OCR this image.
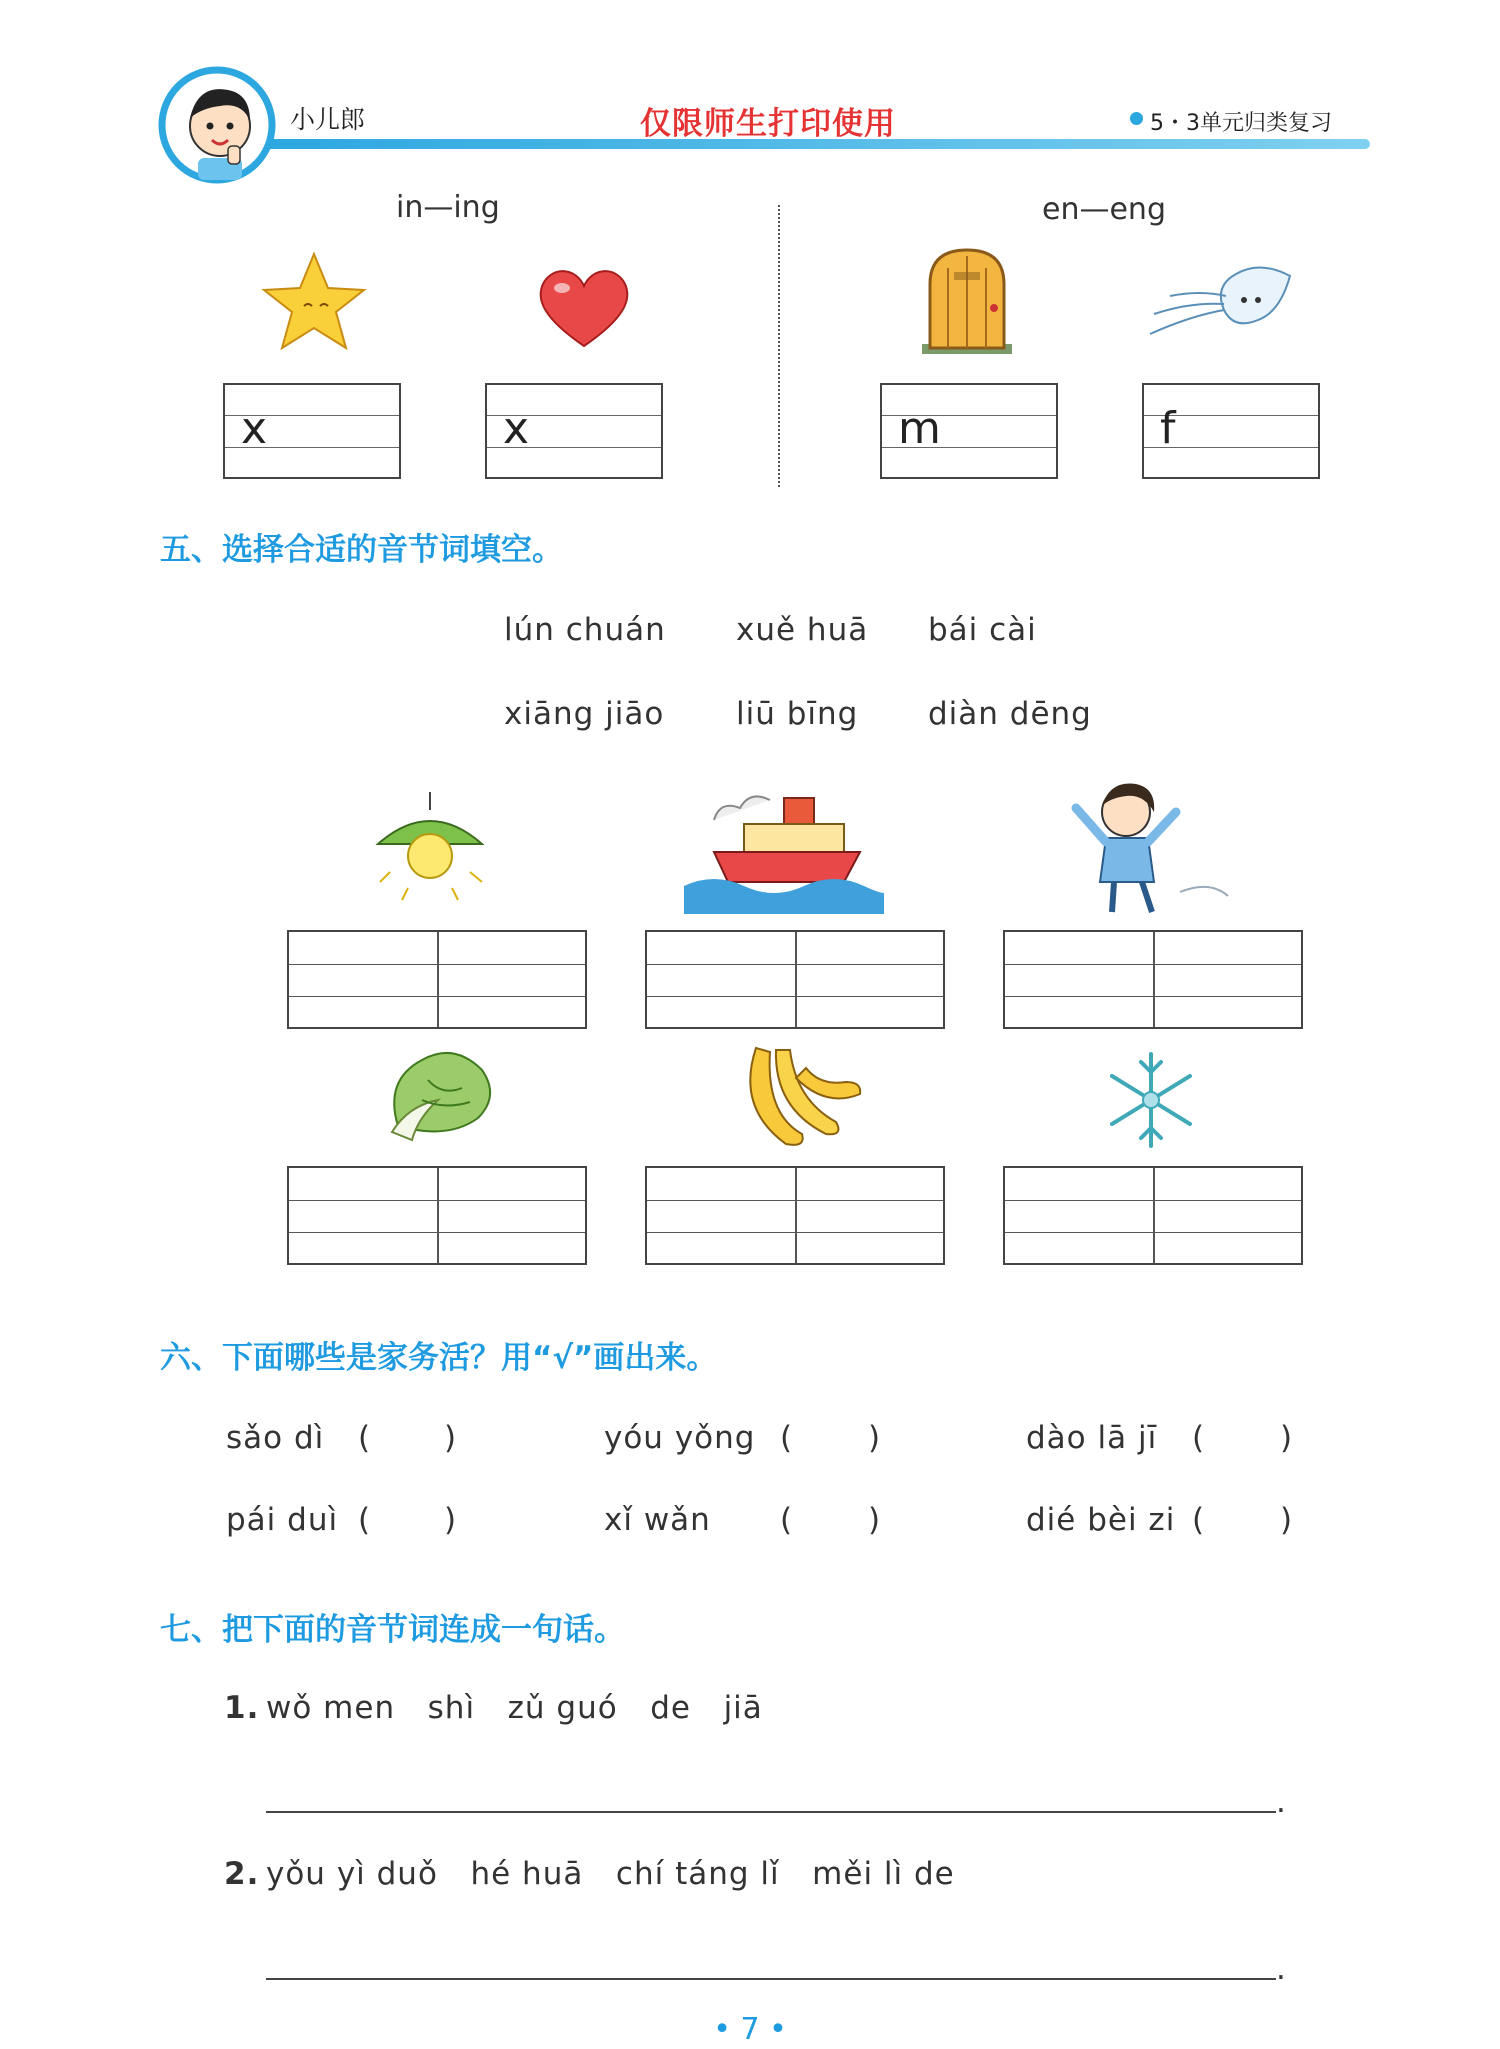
小儿郎	仅限师生打印使用	5・3单元归类复习
in—ing	en—eng
x	x	m	f
五、选择合适的音节词填空。
lún chuán xuě huā bái cài
xiāng jiāo liū bīng diàn dēng
六、下面哪些是家务活？用“√”画出来。
sǎo dì ( )	yóu yǒng ( )	dào lā jī ( )
pái duì ( )	xǐ wǎn ( )	dié bèi zi ( )
七、把下面的音节词连成一句话。
1. wǒ men   shì   zǔ guó   de   jiā
.
2. yǒu yì duǒ   hé huā   chí táng lǐ   měi lì de
.
• 7 •
